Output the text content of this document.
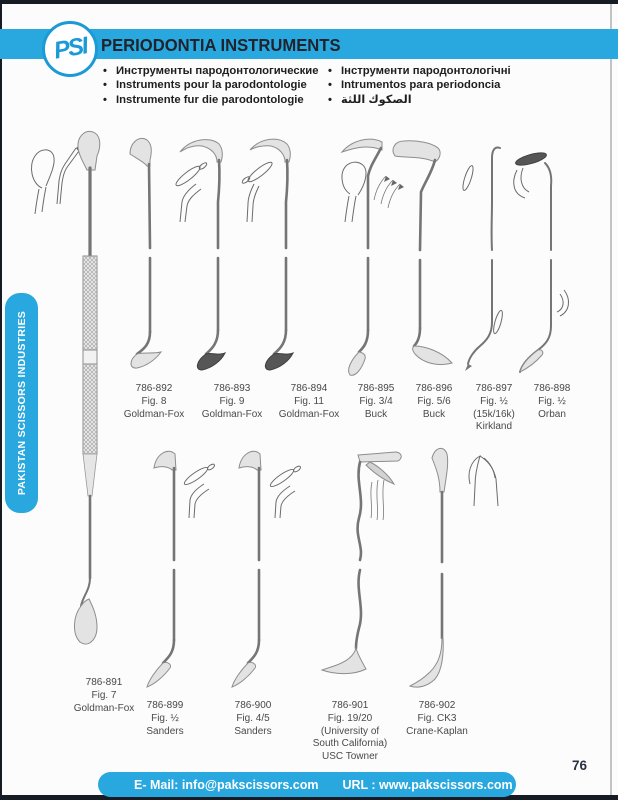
PSI PERIODONTIA INSTRUMENTS
• Инструменты пародонтологические
• Instruments pour la parodontologie
• Instrumente fur die parodontologie
• Інструменти пародонтологічні
• Intrumentos para periodoncia
• الصكوك اللثة
PAKISTAN SCISSORS INDUSTRIES	786-892
Fig. 8
Goldman-Fox
786-893
Fig. 9
Goldman-Fox
786-894
Fig. 11
Goldman-Fox
786-895
Fig. 3/4
Buck
786-896
Fig. 5/6
Buck
786-897
Fig. ½
(15k/16k)
Kirkland
786-898
Fig. ½
Orban
786-891
Fig. 7
Goldman-Fox	786-899
Fig. ½
Sanders
786-900
Fig. 4/5
Sanders
786-901
Fig. 19/20
(University of
South California)
USC Towner
786-902
Fig. CK3
Crane-Kaplan
E- Mail: info@pakscissors.com URL : www.pakscissors.com
76
